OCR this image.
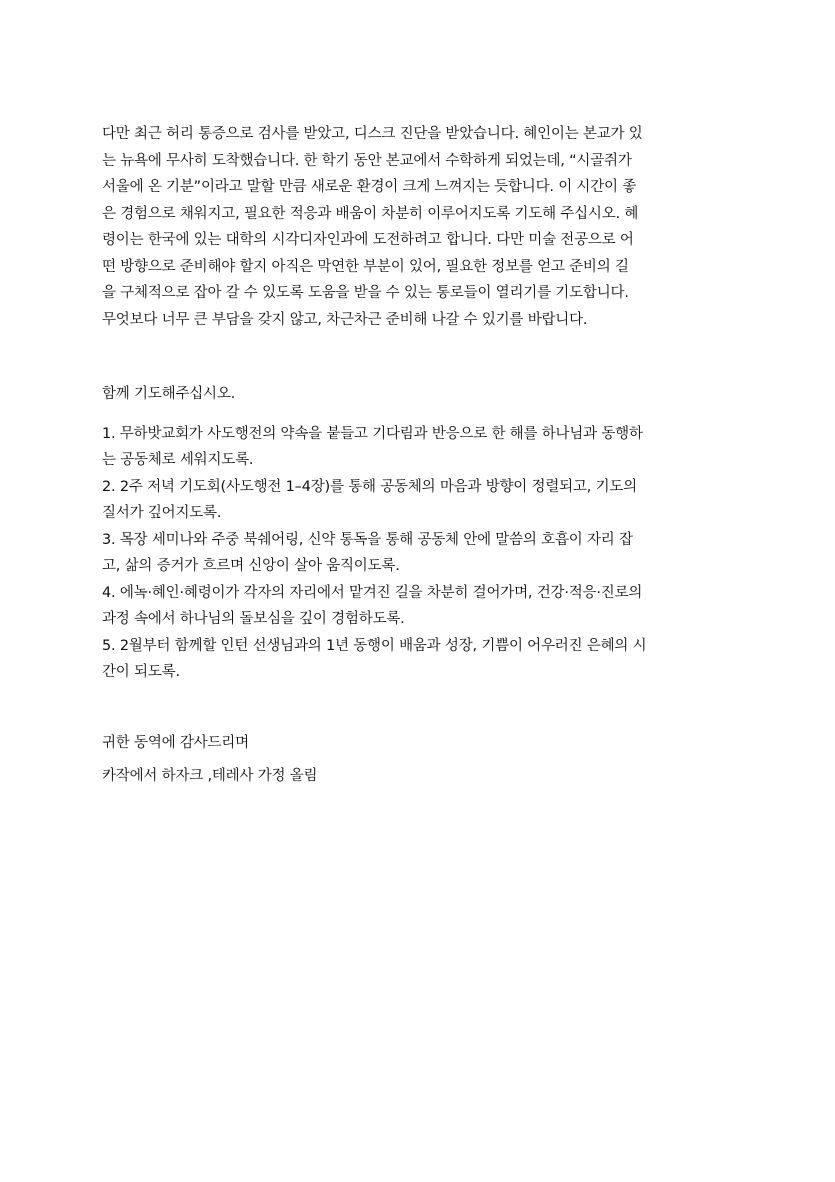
다만 최근 허리 통증으로 검사를 받았고, 디스크 진단을 받았습니다. 혜인이는 본교가 있
는 뉴욕에 무사히 도착했습니다. 한 학기 동안 본교에서 수학하게 되었는데, “시골쥐가
서울에 온 기분”이라고 말할 만큼 새로운 환경이 크게 느껴지는 듯합니다. 이 시간이 좋
은 경험으로 채워지고, 필요한 적응과 배움이 차분히 이루어지도록 기도해 주십시오. 혜
령이는 한국에 있는 대학의 시각디자인과에 도전하려고 합니다. 다만 미술 전공으로 어
떤 방향으로 준비해야 할지 아직은 막연한 부분이 있어, 필요한 정보를 얻고 준비의 길
을 구체적으로 잡아 갈 수 있도록 도움을 받을 수 있는 통로들이 열리기를 기도합니다.
무엇보다 너무 큰 부담을 갖지 않고, 차근차근 준비해 나갈 수 있기를 바랍니다.
함께 기도해주십시오.
1. 무하밧교회가 사도행전의 약속을 붙들고 기다림과 반응으로 한 해를 하나님과 동행하
는 공동체로 세워지도록.
2. 2주 저녁 기도회(사도행전 1–4장)를 통해 공동체의 마음과 방향이 정렬되고, 기도의
질서가 깊어지도록.
3. 목장 세미나와 주중 북쉐어링, 신약 통독을 통해 공동체 안에 말씀의 호흡이 자리 잡
고, 삶의 증거가 흐르며 신앙이 살아 움직이도록.
4. 에녹·혜인·혜령이가 각자의 자리에서 맡겨진 길을 차분히 걸어가며, 건강·적응·진로의
과정 속에서 하나님의 돌보심을 깊이 경험하도록.
5. 2월부터 함께할 인턴 선생님과의 1년 동행이 배움과 성장, 기쁨이 어우러진 은혜의 시
간이 되도록.
귀한 동역에 감사드리며
카작에서 하자크 ,테레사 가정 올림
